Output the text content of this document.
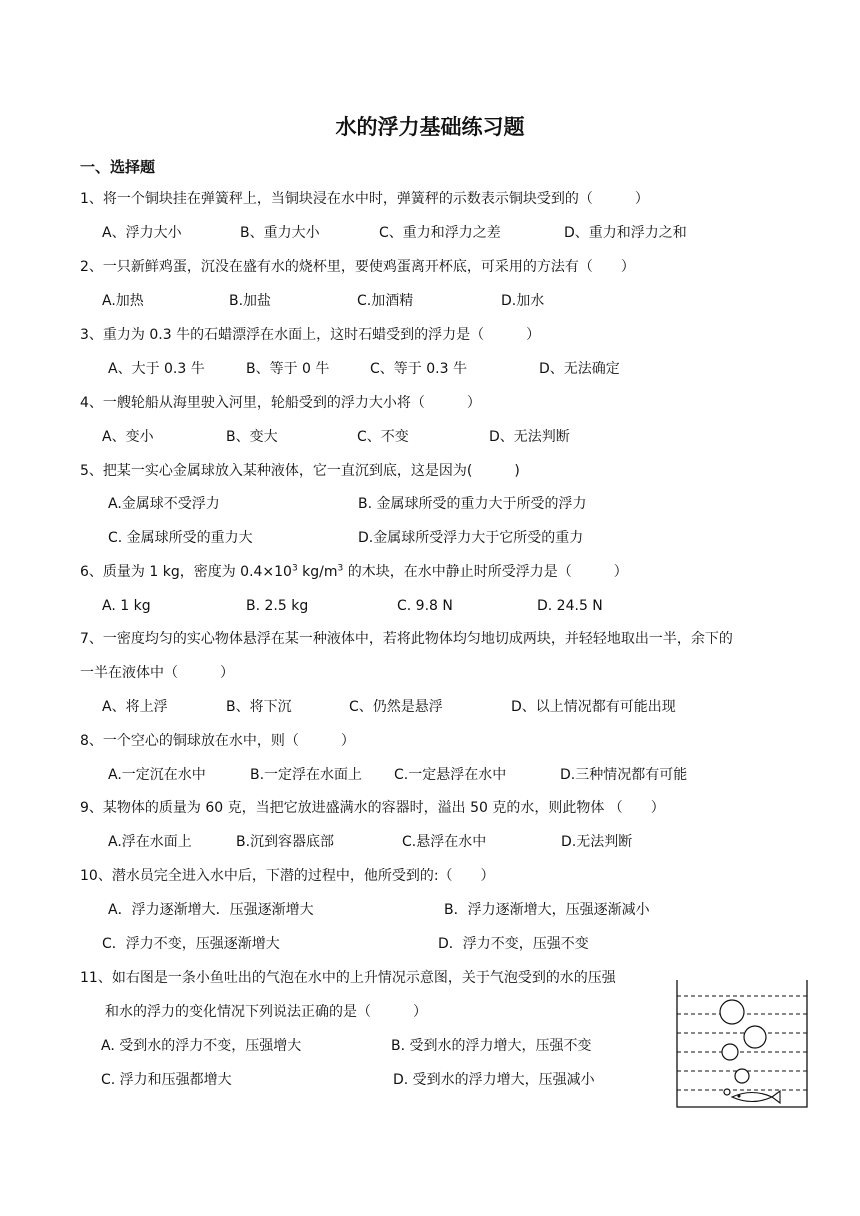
水的浮力基础练习题
一、选择题
1、将一个铜块挂在弹簧秤上，当铜块浸在水中时，弹簧秤的示数表示铜块受到的（　　　）
A、浮力大小	B、重力大小	C、重力和浮力之差	D、重力和浮力之和
2、一只新鲜鸡蛋，沉没在盛有水的烧杯里，要使鸡蛋离开杯底，可采用的方法有（　　）
A.加热	B.加盐	C.加酒精	D.加水
3、重力为 0.3 牛的石蜡漂浮在水面上，这时石蜡受到的浮力是（　　　）
A、大于 0.3 牛	B、等于 0 牛	C、等于 0.3 牛	D、无法确定
4、一艘轮船从海里驶入河里，轮船受到的浮力大小将（　　　）
A、变小	B、变大	C、不变	D、无法判断
5、把某一实心金属球放入某种液体，它一直沉到底，这是因为(　　　)
A.金属球不受浮力	B. 金属球所受的重力大于所受的浮力
C. 金属球所受的重力大	D.金属球所受浮力大于它所受的重力
6、质量为 1 kg，密度为 $0.4\times 10^3$ $kg/m^3$ 的木块，在水中静止时所受浮力是（　　　）
A. 1 kg	B. 2.5 kg	C. 9.8 N	D. 24.5 N
7、一密度均匀的实心物体悬浮在某一种液体中，若将此物体均匀地切成两块，并轻轻地取出一半，余下的
一半在液体中（　　　）
A、将上浮	B、将下沉	C、仍然是悬浮	D、以上情况都有可能出现
8、一个空心的铜球放在水中，则（　　　）
A.一定沉在水中	B.一定浮在水面上 C.一定悬浮在水中	D.三种情况都有可能
9、某物体的质量为 60 克，当把它放进盛满水的容器时，溢出 50 克的水，则此物体 （　　）
A.浮在水面上	B.沉到容器底部	C.悬浮在水中	D.无法判断
10、潜水员完全进入水中后，下潜的过程中，他所受到的:（　　）
A．浮力逐渐增大．压强逐渐增大	B．浮力逐渐增大，压强逐渐减小
C．浮力不变，压强逐渐增大	D．浮力不变，压强不变
11、如右图是一条小鱼吐出的气泡在水中的上升情况示意图，关于气泡受到的水的压强
和水的浮力的变化情况下列说法正确的是（　　　）
A. 受到水的浮力不变，压强增大	B. 受到水的浮力增大，压强不变
C. 浮力和压强都增大	D. 受到水的浮力增大，压强减小
